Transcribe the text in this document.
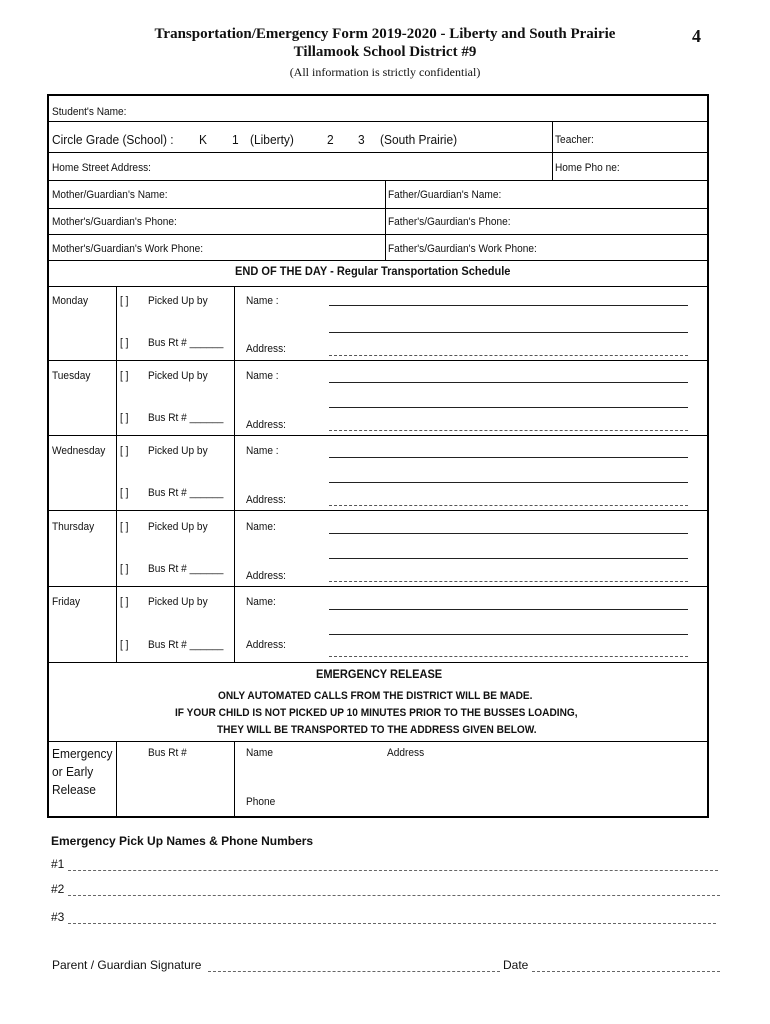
Transportation/Emergency Form 2019-2020 - Liberty and South Prairie
Tillamook School District #9
(All information is strictly confidential)
4
Student's Name:
Circle Grade (School) : K 1 (Liberty)	2 3 (South Prairie)	Teacher:
Home Street Address:	Home Pho ne:
Mother/Guardian's Name:	Father/Guardian's Name:
Mother's/Guardian's Phone:	Father's/Gaurdian's Phone:
Mother's/Guardian's Work Phone:	Father's/Gaurdian's Work Phone:
END OF THE DAY - Regular Transportation Schedule
Monday	[ ] Picked Up by	Name :
[ ] Bus Rt # ______ Address:
Tuesday	[ ] Picked Up by	Name :
[ ] Bus Rt # ______
Address:
Wednesday [ ] Picked Up by	Name :
[ ] Bus Rt # ______
Address:
Thursday [ ] Picked Up by	Name:
[ ] Bus Rt # ______
Address:
Friday	[ ] Picked Up by	Name:
[ ] Bus Rt # ______ Address:
EMERGENCY RELEASE
ONLY AUTOMATED CALLS FROM THE DISTRICT WILL BE MADE.
IF YOUR CHILD IS NOT PICKED UP 10 MINUTES PRIOR TO THE BUSSES LOADING,
THEY WILL BE TRANSPORTED TO THE ADDRESS GIVEN BELOW.
Emergency
or Early
Release
Bus Rt #	Name	Address
Phone
Emergency Pick Up Names & Phone Numbers
#1
#2
#3
Parent / Guardian Signature	Date
